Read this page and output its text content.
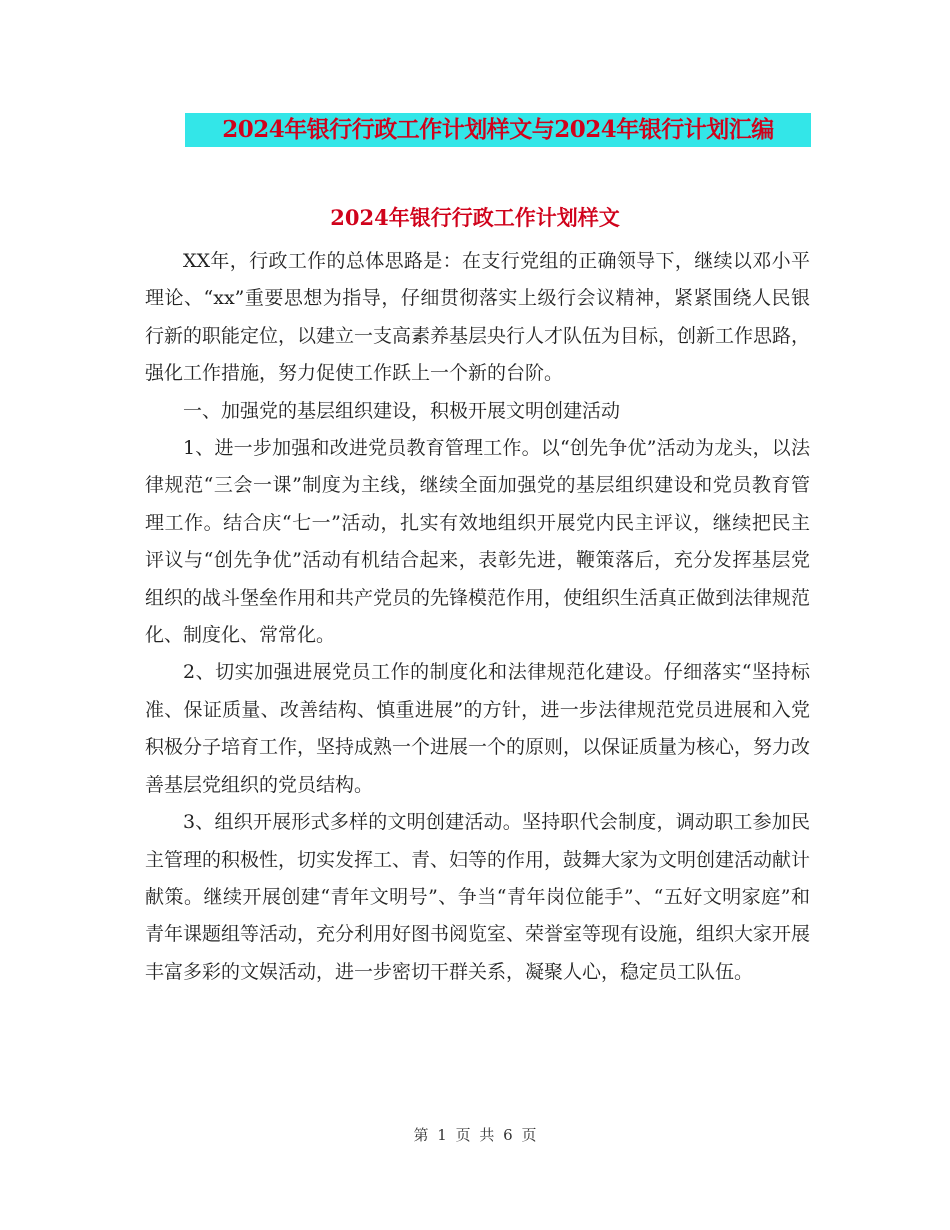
2024年银行行政工作计划样文与2024年银行计划汇编
2024年银行行政工作计划样文

XX年，行政工作的总体思路是：在支行党组的正确领导下，继续以邓小平理论、“xx”重要思想为指导，仔细贯彻落实上级行会议精神，紧紧围绕人民银行新的职能定位，以建立一支高素养基层央行人才队伍为目标，创新工作思路，强化工作措施，努力促使工作跃上一个新的台阶。

一、加强党的基层组织建设，积极开展文明创建活动

1、进一步加强和改进党员教育管理工作。以“创先争优”活动为龙头，以法律规范“三会一课”制度为主线，继续全面加强党的基层组织建设和党员教育管理工作。结合庆“七一”活动，扎实有效地组织开展党内民主评议，继续把民主评议与“创先争优”活动有机结合起来，表彰先进，鞭策落后，充分发挥基层党组织的战斗堡垒作用和共产党员的先锋模范作用，使组织生活真正做到法律规范化、制度化、常常化。

2、切实加强进展党员工作的制度化和法律规范化建设。仔细落实“坚持标准、保证质量、改善结构、慎重进展”的方针，进一步法律规范党员进展和入党积极分子培育工作，坚持成熟一个进展一个的原则，以保证质量为核心，努力改善基层党组织的党员结构。

3、组织开展形式多样的文明创建活动。坚持职代会制度，调动职工参加民主管理的积极性，切实发挥工、青、妇等的作用，鼓舞大家为文明创建活动献计献策。继续开展创建“青年文明号”、争当“青年岗位能手”、“五好文明家庭”和青年课题组等活动，充分利用好图书阅览室、荣誉室等现有设施，组织大家开展丰富多彩的文娱活动，进一步密切干群关系，凝聚人心，稳定员工队伍。

第 1 页 共 6 页
